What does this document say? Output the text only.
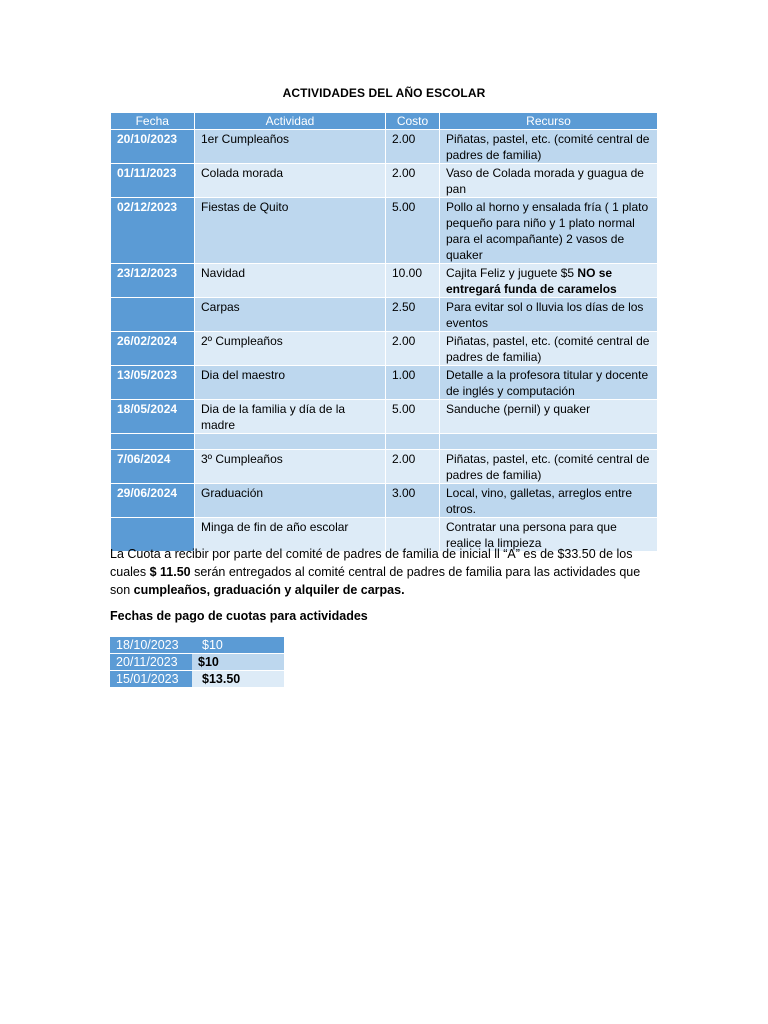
ACTIVIDADES DEL AÑO ESCOLAR
Fecha	Actividad	Costo	Recurso
20/10/2023	1er Cumpleaños	2.00	Piñatas, pastel, etc. (comité central de padres de familia)
01/11/2023	Colada morada	2.00	Vaso de Colada morada y guagua de pan
02/12/2023	Fiestas de Quito	5.00	Pollo al horno y ensalada fría ( 1 plato pequeño para niño y 1 plato normal para el acompañante) 2 vasos de quaker
23/12/2023	Navidad	10.00	Cajita Feliz y juguete $5 NO se entregará funda de caramelos
	Carpas	2.50	Para evitar sol o lluvia los días de los eventos
26/02/2024	2º Cumpleaños	2.00	Piñatas, pastel, etc. (comité central de padres de familia)
13/05/2023	Dia del maestro	1.00	Detalle a la profesora titular y docente de inglés y computación
18/05/2024	Dia de la familia y día de la madre	5.00	Sanduche (pernil) y quaker

7/06/2024	3º Cumpleaños	2.00	Piñatas, pastel, etc. (comité central de padres de familia)
29/06/2024	Graduación	3.00	Local, vino, galletas, arreglos entre otros.
	Minga de fin de año escolar		Contratar una persona para que realice la limpieza
La Cuota a recibir por parte del comité de padres de familia de inicial ll “A” es de $33.50 de los cuales $ 11.50 serán entregados al comité central de padres de familia para las actividades que son cumpleaños, graduación y alquiler de carpas.
Fechas de pago de cuotas para actividades
18/10/2023	$10
20/11/2023	$10
15/01/2023	$13.50
